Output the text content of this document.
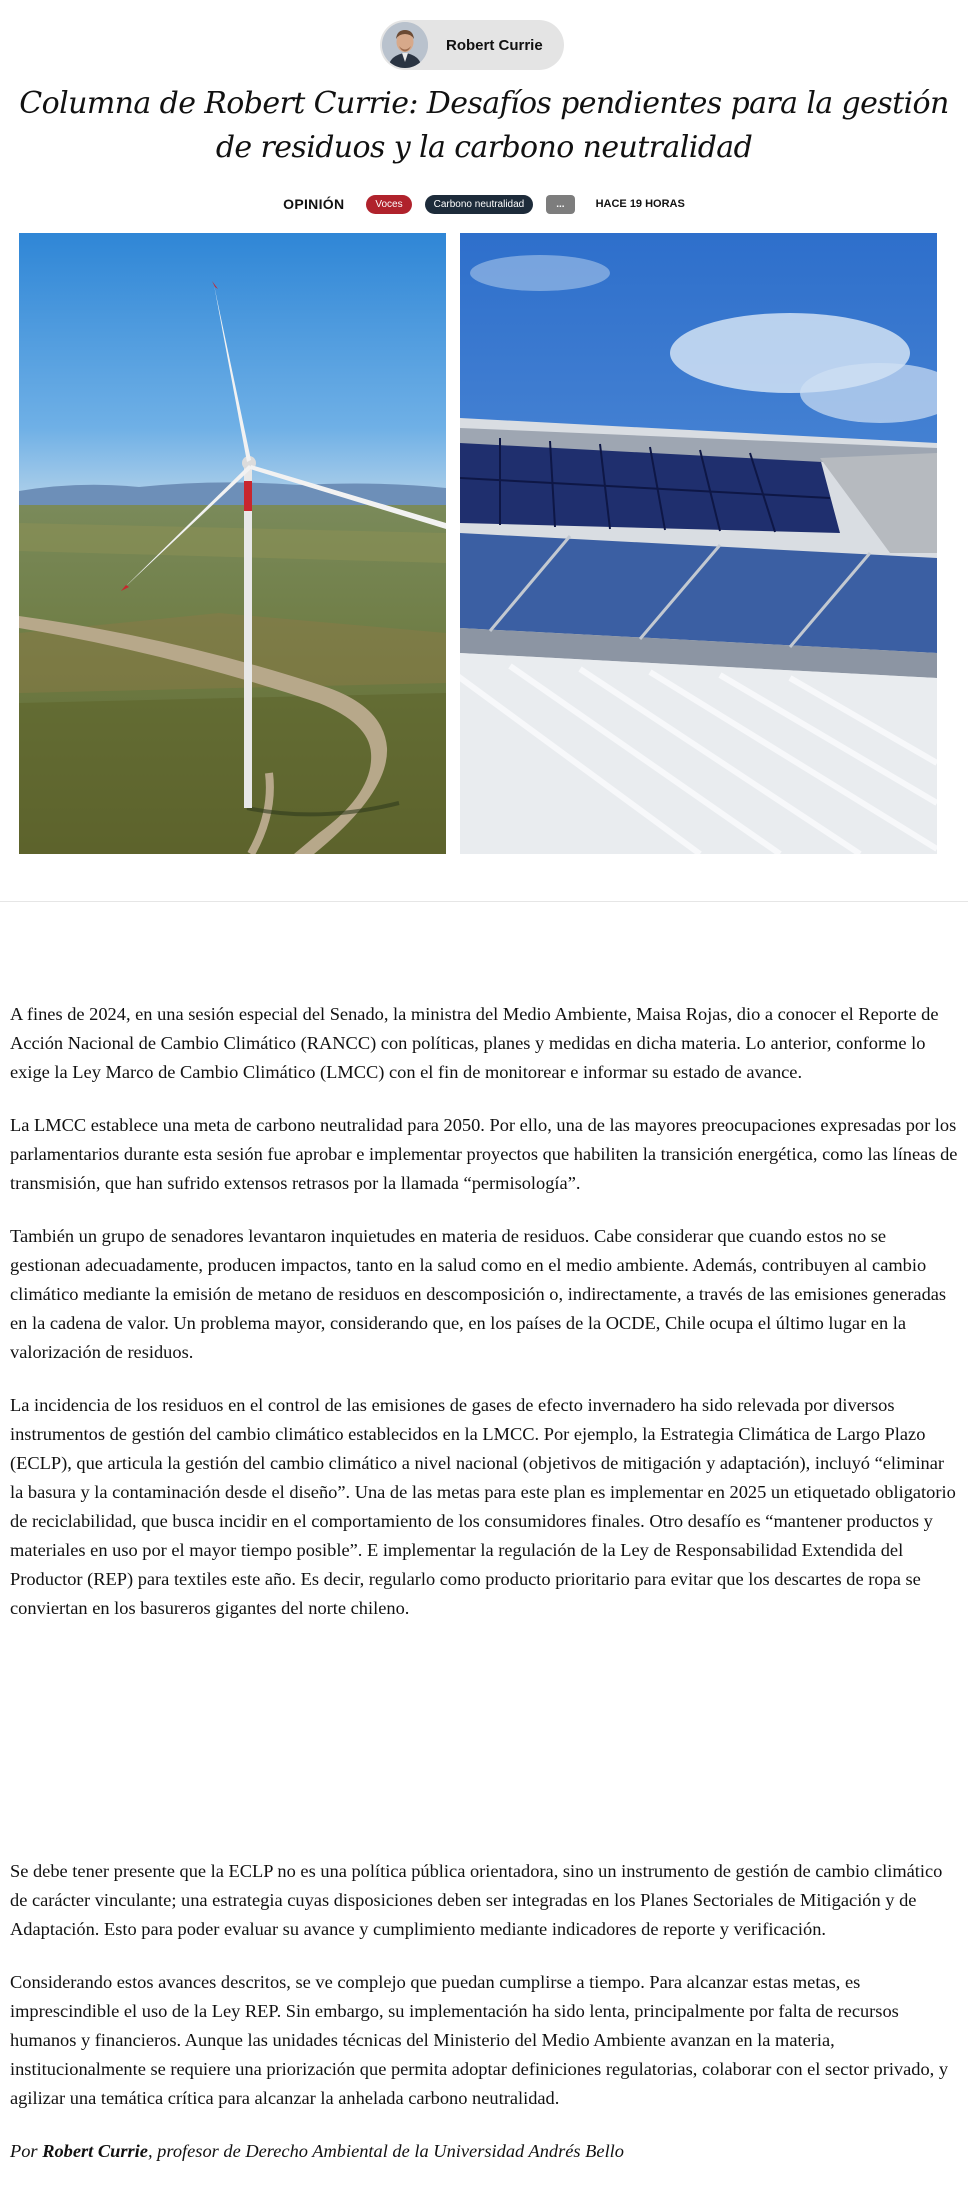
Robert Currie
Columna de Robert Currie: Desafíos pendientes para la gestión de residuos y la carbono neutralidad
OPINIÓN	Voces	Carbono neutralidad	...	HACE 19 HORAS

A fines de 2024, en una sesión especial del Senado, la ministra del Medio Ambiente, Maisa Rojas, dio a conocer el Reporte de Acción Nacional de Cambio Climático (RANCC) con políticas, planes y medidas en dicha materia. Lo anterior, conforme lo exige la Ley Marco de Cambio Climático (LMCC) con el fin de monitorear e informar su estado de avance.

La LMCC establece una meta de carbono neutralidad para 2050. Por ello, una de las mayores preocupaciones expresadas por los parlamentarios durante esta sesión fue aprobar e implementar proyectos que habiliten la transición energética, como las líneas de transmisión, que han sufrido extensos retrasos por la llamada “permisología”.

También un grupo de senadores levantaron inquietudes en materia de residuos. Cabe considerar que cuando estos no se gestionan adecuadamente, producen impactos, tanto en la salud como en el medio ambiente. Además, contribuyen al cambio climático mediante la emisión de metano de residuos en descomposición o, indirectamente, a través de las emisiones generadas en la cadena de valor. Un problema mayor, considerando que, en los países de la OCDE, Chile ocupa el último lugar en la valorización de residuos.

La incidencia de los residuos en el control de las emisiones de gases de efecto invernadero ha sido relevada por diversos instrumentos de gestión del cambio climático establecidos en la LMCC. Por ejemplo, la Estrategia Climática de Largo Plazo (ECLP), que articula la gestión del cambio climático a nivel nacional (objetivos de mitigación y adaptación), incluyó “eliminar la basura y la contaminación desde el diseño”. Una de las metas para este plan es implementar en 2025 un etiquetado obligatorio de reciclabilidad, que busca incidir en el comportamiento de los consumidores finales. Otro desafío es “mantener productos y materiales en uso por el mayor tiempo posible”. E implementar la regulación de la Ley de Responsabilidad Extendida del Productor (REP) para textiles este año. Es decir, regularlo como producto prioritario para evitar que los descartes de ropa se conviertan en los basureros gigantes del norte chileno.

Se debe tener presente que la ECLP no es una política pública orientadora, sino un instrumento de gestión de cambio climático de carácter vinculante; una estrategia cuyas disposiciones deben ser integradas en los Planes Sectoriales de Mitigación y de Adaptación. Esto para poder evaluar su avance y cumplimiento mediante indicadores de reporte y verificación.

Considerando estos avances descritos, se ve complejo que puedan cumplirse a tiempo. Para alcanzar estas metas, es imprescindible el uso de la Ley REP. Sin embargo, su implementación ha sido lenta, principalmente por falta de recursos humanos y financieros. Aunque las unidades técnicas del Ministerio del Medio Ambiente avanzan en la materia, institucionalmente se requiere una priorización que permita adoptar definiciones regulatorias, colaborar con el sector privado, y agilizar una temática crítica para alcanzar la anhelada carbono neutralidad.

Por Robert Currie, profesor de Derecho Ambiental de la Universidad Andrés Bello
